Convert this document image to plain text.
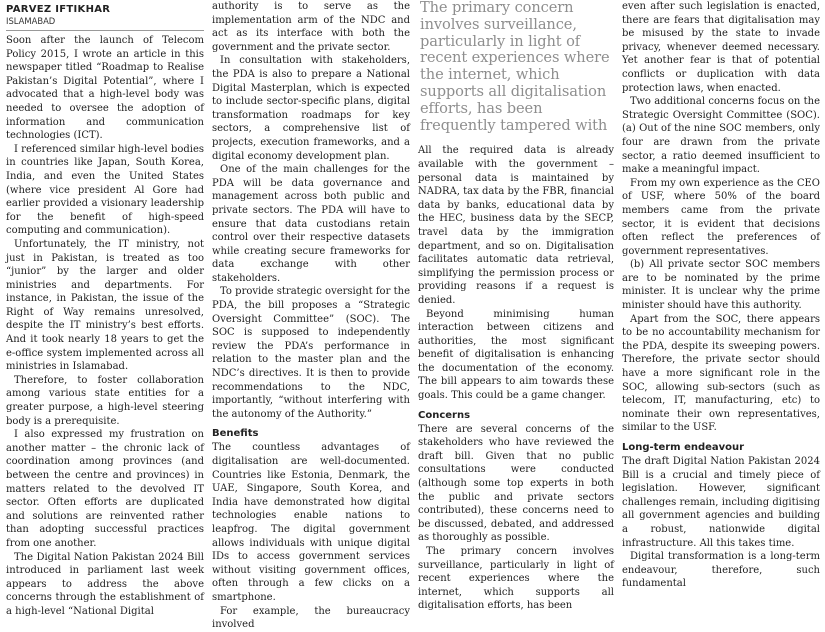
PARVEZ IFTIKHAR
ISLAMABAD

Soon after the launch of Telecom Policy 2015, I wrote an article in this newspaper titled “Roadmap to Realise Pakistan’s Digital Potential”, where I advocated that a high-level body was needed to oversee the adoption of information and communication technologies (ICT).

I referenced similar high-level bodies in countries like Japan, South Korea, India, and even the United States (where vice president Al Gore had earlier provided a visionary leadership for the benefit of high-speed computing and communication).

Unfortunately, the IT ministry, not just in Pakistan, is treated as too “junior” by the larger and older ministries and departments. For instance, in Pakistan, the issue of the Right of Way remains unresolved, despite the IT ministry’s best efforts. And it took nearly 18 years to get the e-office system implemented across all ministries in Islamabad.

Therefore, to foster collaboration among various state entities for a greater purpose, a high-level steering body is a prerequisite.

I also expressed my frustration on another matter – the chronic lack of coordination among provinces (and between the centre and provinces) in matters related to the devolved IT sector. Often efforts are duplicated and solutions are reinvented rather than adopting successful practices from one another.

The Digital Nation Pakistan 2024 Bill introduced in parliament last week appears to address the above concerns through the establishment of a high-level “National Digital

authority is to serve as the implementation arm of the NDC and act as its interface with both the government and the private sector.

In consultation with stakeholders, the PDA is also to prepare a National Digital Masterplan, which is expected to include sector-specific plans, digital transformation roadmaps for key sectors, a comprehensive list of projects, execution frameworks, and a digital economy development plan.

One of the main challenges for the PDA will be data governance and management across both public and private sectors. The PDA will have to ensure that data custodians retain control over their respective datasets while creating secure frameworks for data exchange with other stakeholders.

To provide strategic oversight for the PDA, the bill proposes a “Strategic Oversight Committee” (SOC). The SOC is supposed to independently review the PDA’s performance in relation to the master plan and the NDC’s directives. It is then to provide recommendations to the NDC, importantly, “without interfering with the autonomy of the Authority.”

Benefits

The countless advantages of digitalisation are well-documented. Countries like Estonia, Denmark, the UAE, Singapore, South Korea, and India have demonstrated how digital technologies enable nations to leapfrog. The digital government allows individuals with unique digital IDs to access government services without visiting government offices, often through a few clicks on a smartphone.

For example, the bureaucracy involved

The primary concern involves surveillance, particularly in light of recent experiences where the internet, which supports all digitalisation efforts, has been frequently tampered with

All the required data is already available with the government – personal data is maintained by NADRA, tax data by the FBR, financial data by banks, educational data by the HEC, business data by the SECP, travel data by the immigration department, and so on. Digitalisation facilitates automatic data retrieval, simplifying the permission process or providing reasons if a request is denied.

Beyond minimising human interaction between citizens and authorities, the most significant benefit of digitalisation is enhancing the documentation of the economy. The bill appears to aim towards these goals. This could be a game changer.

Concerns

There are several concerns of the stakeholders who have reviewed the draft bill. Given that no public consultations were conducted (although some top experts in both the public and private sectors contributed), these concerns need to be discussed, debated, and addressed as thoroughly as possible.

The primary concern involves surveillance, particularly in light of recent experiences where the internet, which supports all digitalisation efforts, has been

even after such legislation is enacted, there are fears that digitalisation may be misused by the state to invade privacy, whenever deemed necessary. Yet another fear is that of potential conflicts or duplication with data protection laws, when enacted.

Two additional concerns focus on the Strategic Oversight Committee (SOC). (a) Out of the nine SOC members, only four are drawn from the private sector, a ratio deemed insufficient to make a meaningful impact.

From my own experience as the CEO of USF, where 50% of the board members came from the private sector, it is evident that decisions often reflect the preferences of government representatives.

(b) All private sector SOC members are to be nominated by the prime minister. It is unclear why the prime minister should have this authority.

Apart from the SOC, there appears to be no accountability mechanism for the PDA, despite its sweeping powers. Therefore, the private sector should have a more significant role in the SOC, allowing sub-sectors (such as telecom, IT, manufacturing, etc) to nominate their own representatives, similar to the USF.

Long-term endeavour

The draft Digital Nation Pakistan 2024 Bill is a crucial and timely piece of legislation. However, significant challenges remain, including digitising all government agencies and building a robust, nationwide digital infrastructure. All this takes time.

Digital transformation is a long-term endeavour, therefore, such fundamental
